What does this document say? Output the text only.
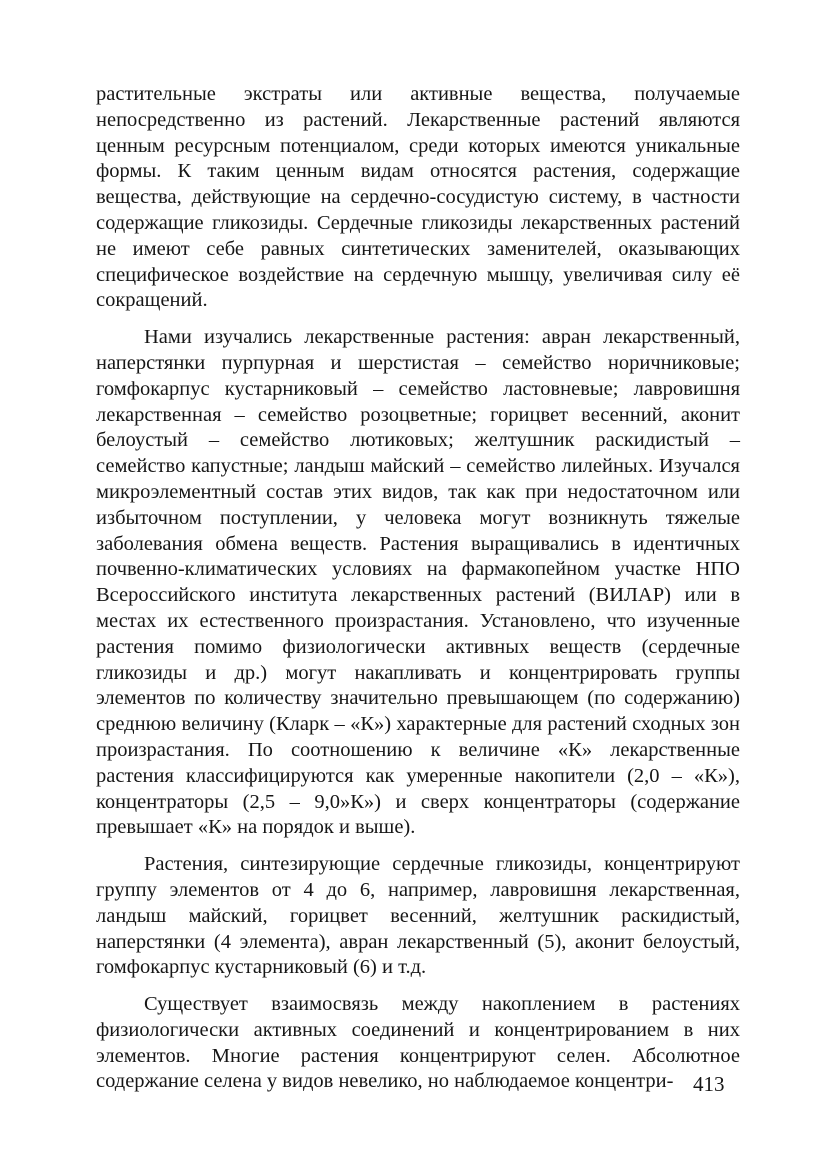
растительные экстраты или активные вещества, получаемые непосредственно из растений. Лекарственные растений являются ценным ресурсным потенциалом, среди которых имеются уникальные формы. К таким ценным видам относятся растения, содержащие вещества, действующие на сердечно-сосудистую систему, в частности содержащие гликозиды. Сердечные гликозиды лекарственных растений не имеют себе равных синтетических заменителей, оказывающих специфическое воздействие на сердечную мышцу, увеличивая силу её сокращений.

Нами изучались лекарственные растения: авран лекарственный, наперстянки пурпурная и шерстистая – семейство норичниковые; гомфокарпус кустарниковый – семейство ластовневые; лавровишня лекарственная – семейство розоцветные; горицвет весенний, аконит белоустый – семейство лютиковых; желтушник раскидистый – семейство капустные; ландыш майский – семейство лилейных. Изучался микроэлементный состав этих видов, так как при недостаточном или избыточном поступлении, у человека могут возникнуть тяжелые заболевания обмена веществ. Растения выращивались в идентичных почвенно-климатических условиях на фармакопейном участке НПО Всероссийского института лекарственных растений (ВИЛАР) или в местах их естественного произрастания. Установлено, что изученные растения помимо физиологически активных веществ (сердечные гликозиды и др.) могут накапливать и концентрировать группы элементов по количеству значительно превышающем (по содержанию) среднюю величину (Кларк – «К») характерные для растений сходных зон произрастания. По соотношению к величине «К» лекарственные растения классифицируются как умеренные накопители (2,0 – «К»), концентраторы (2,5 – 9,0»К») и сверх концентраторы (содержание превышает «К» на порядок и выше).

Растения, синтезирующие сердечные гликозиды, концентрируют группу элементов от 4 до 6, например, лавровишня лекарственная, ландыш майский, горицвет весенний, желтушник раскидистый, наперстянки (4 элемента), авран лекарственный (5), аконит белоустый, гомфокарпус кустарниковый (6) и т.д.

Существует взаимосвязь между накоплением в растениях физиологически активных соединений и концентрированием в них элементов. Многие растения концентрируют селен. Абсолютное содержание селена у видов невелико, но наблюдаемое концентри- 413
